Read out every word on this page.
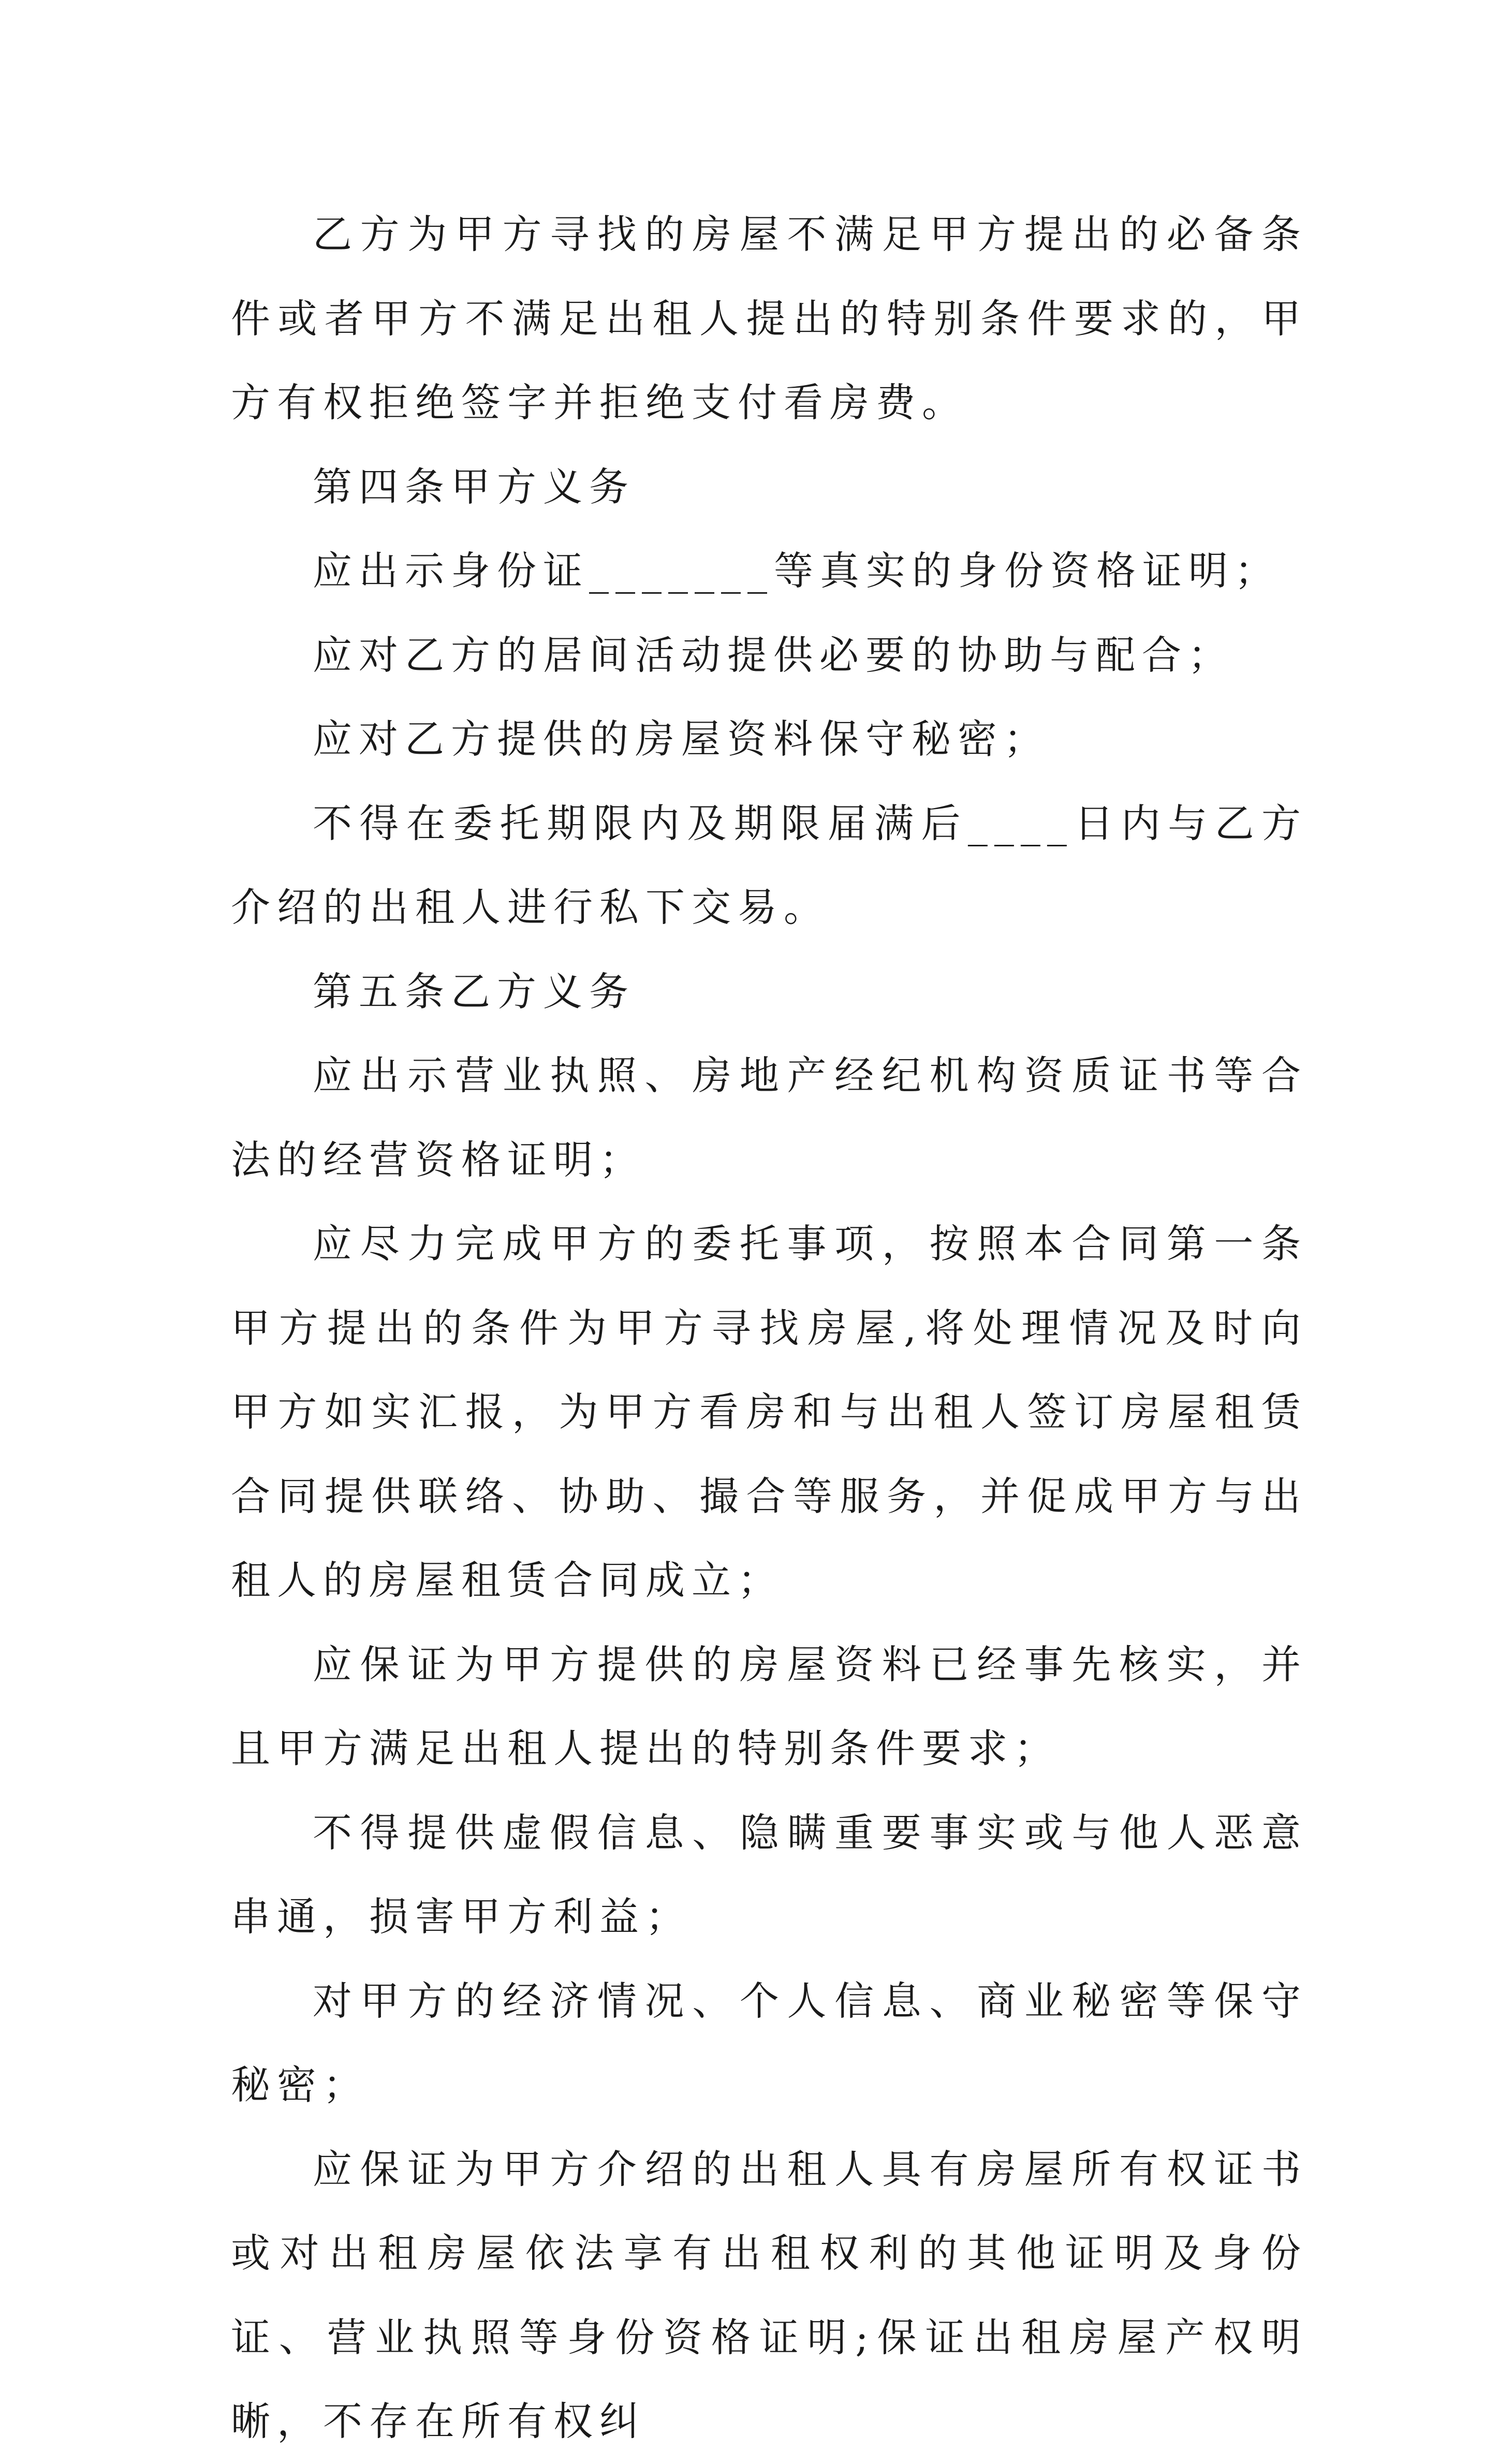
乙方为甲方寻找的房屋不满足甲方提出的必备条件或者甲方不满足出租人提出的特别条件要求的，甲方有权拒绝签字并拒绝支付看房费。

第四条甲方义务

应出示身份证_______等真实的身份资格证明；

应对乙方的居间活动提供必要的协助与配合；

应对乙方提供的房屋资料保守秘密；

不得在委托期限内及期限届满后____日内与乙方介绍的出租人进行私下交易。

第五条乙方义务

应出示营业执照、房地产经纪机构资质证书等合法的经营资格证明；

应尽力完成甲方的委托事项，按照本合同第一条甲方提出的条件为甲方寻找房屋,将处理情况及时向甲方如实汇报，为甲方看房和与出租人签订房屋租赁合同提供联络、协助、撮合等服务，并促成甲方与出租人的房屋租赁合同成立；

应保证为甲方提供的房屋资料已经事先核实，并且甲方满足出租人提出的特别条件要求；

不得提供虚假信息、隐瞒重要事实或与他人恶意串通，损害甲方利益；

对甲方的经济情况、个人信息、商业秘密等保守秘密；

应保证为甲方介绍的出租人具有房屋所有权证书或对出租房屋依法享有出租权利的其他证明及身份证、营业执照等身份资格证明;保证出租房屋产权明晰，不存在所有权纠
